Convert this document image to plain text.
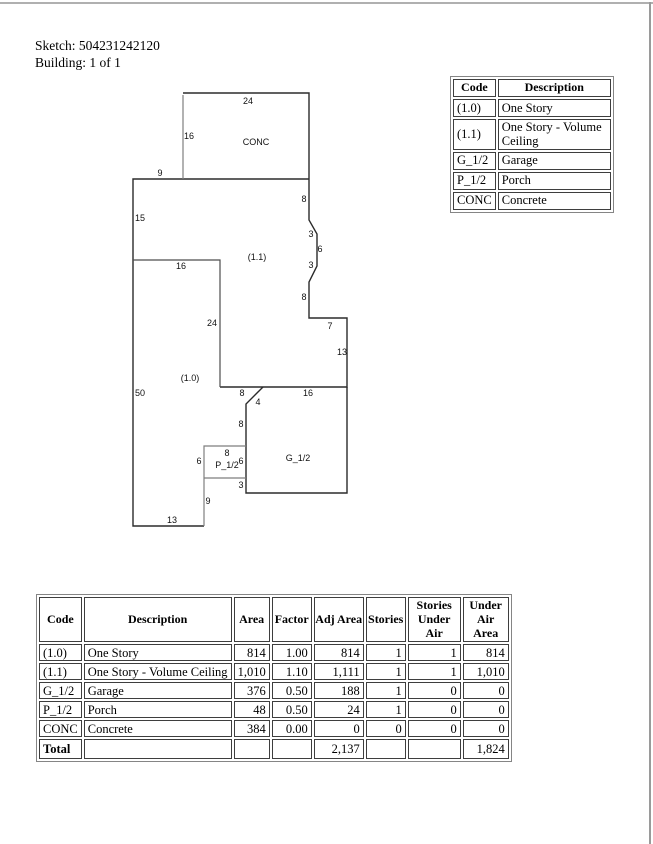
Sketch: 504231242120
Building: 1 of 1
24
16
CONC
9
8
15
3
6
(1.1)
3
16
8
24	7
13
(1.0)
50	8	16
4
8
8
6 P_1/2 6	G_1/2
3
9
13
Code	Description
(1.0)	One Story
(1.1)	One Story - Volume Ceiling
G_1/2	Garage
P_1/2	Porch
CONC	Concrete
Code	Description	Area	Factor	Adj Area	Stories	Stories Under Air	Under Air Area
(1.0)	One Story	814	1.00	814	1	1	814
(1.1)	One Story - Volume Ceiling	1,010	1.10	1,111	1	1	1,010
G_1/2	Garage	376	0.50	188	1	0	0
P_1/2	Porch	48	0.50	24	1	0	0
CONC	Concrete	384	0.00	0	0	0	0
Total				2,137			1,824
